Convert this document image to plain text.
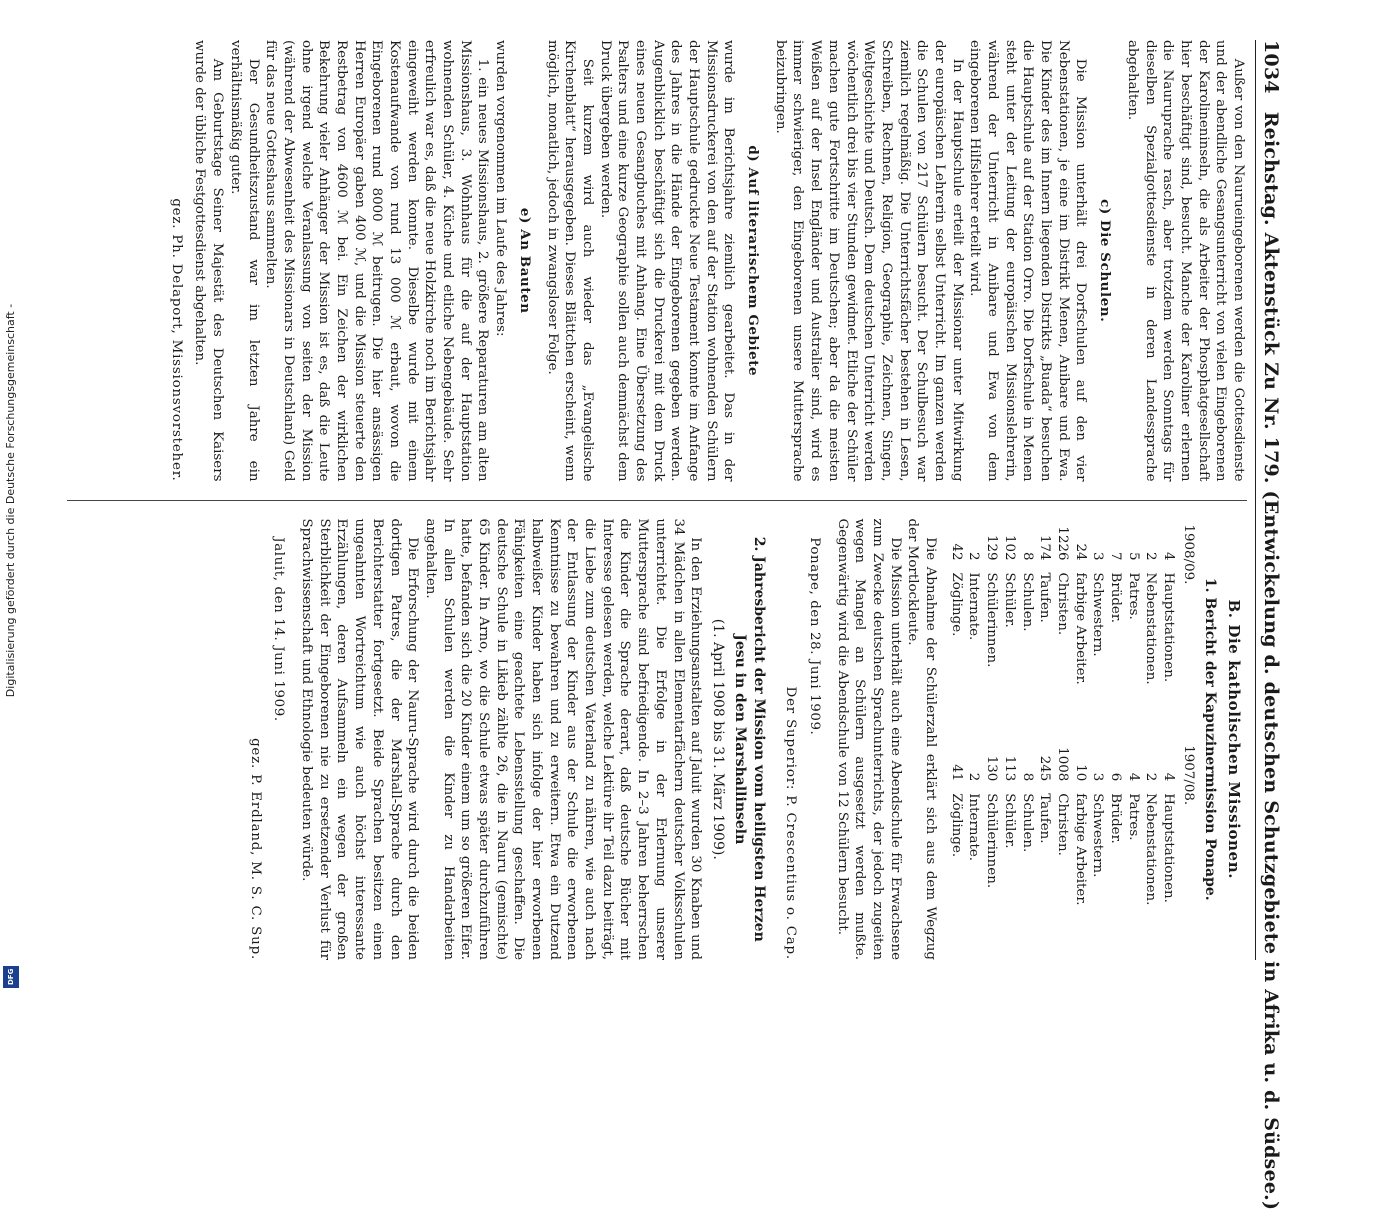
1034
Reichstag. Aktenstück Zu Nr. 179. (Entwickelung d. deutschen Schutzgebiete in Afrika u. d. Südsee.)

Außer von den Naurueingeborenen werden die Gottesdienste und der abendliche Gesangsunterricht von vielen Eingeborenen der Karolineninseln, die als Arbeiter der Phosphatgesellschaft hier beschäftigt sind, besucht. Manche der Karoliner erlernen die Nauruprache rasch, aber trotzdem werden Sonntags für dieselben Spezialgottesdienste in deren Landessprache abgehalten.

c) Die Schulen.

Die Mission unterhält drei Dorfschulen auf den vier Nebenstationen, je eine im Distrikt Menen, Anibare und Ewa. Die Kinder des im Innern liegenden Distrikts „Buada“ besuchen die Hauptschule auf der Station Orro. Die Dorfschule in Menen steht unter der Leitung der europäischen Missionslehrerin, während der Unterricht in Anibare und Ewa von dem eingeborenen Hilfslehrer erteilt wird.

In der Hauptschule erteilt der Missionar unter Mitwirkung der europäischen Lehrerin selbst Unterricht. Im ganzen werden die Schulen von 217 Schülern besucht. Der Schulbesuch war ziemlich regelmäßig. Die Unterrichtsfächer bestehen in Lesen, Schreiben, Rechnen, Religion, Geographie, Zeichnen, Singen, Weltgeschichte und Deutsch. Dem deutschen Unterricht werden wöchentlich drei bis vier Stunden gewidmet. Etliche der Schüler machen gute Fortschritte im Deutschen; aber da die meisten Weißen auf der Insel Engländer und Australier sind, wird es immer schwieriger, den Eingeborenen unsere Muttersprache beizubringen.

d) Auf literarischem Gebiete

wurde im Berichtsjahre ziemlich gearbeitet. Das in der Missionsdruckerei von den auf der Station wohnenden Schülern der Hauptschule gedruckte Neue Testament konnte im Anfange des Jahres in die Hände der Eingeborenen gegeben werden. Augenblicklich beschäftigt sich die Druckerei mit dem Druck eines neuen Gesangbuches mit Anhang. Eine Übersetzung des Psalters und eine kurze Geographie sollen auch demnächst dem Druck übergeben werden.

Seit kurzem wird auch wieder das „Evangelische Kirchenblatt“ herausgegeben. Dieses Blättchen erscheint, wenn möglich, monatlich, jedoch in zwangsloser Folge.

e) An Bauten

wurden vorgenommen im Laufe des Jahres:

1. ein neues Missionshaus, 2. größere Reparaturen am alten Missionshaus, 3. Wohnhaus für die auf der Hauptstation wohnenden Schüler, 4. Küche und etliche Nebengebäude. Sehr erfreulich war es, daß die neue Holzkirche noch im Berichtsjahr eingeweiht werden konnte. Dieselbe wurde mit einem Kostenaufwande von rund 13 000 ℳ erbaut, wovon die Eingeborenen rund 8000 ℳ beitrugen. Die hier ansässigen Herren Europäer gaben 400 ℳ, und die Mission steuerte den Restbetrag von 4600 ℳ bei. Ein Zeichen der wirklichen Bekehrung vieler Anhänger der Mission ist es, daß die Leute ohne irgend welche Veranlassung von seiten der Mission (während der Abwesenheit des Missionars in Deutschland) Geld für das neue Gotteshaus sammelten.

Der Gesundheitszustand war im letzten Jahre ein verhältnismäßig guter.

Am Geburtstage Seiner Majestät des Deutschen Kaisers wurde der übliche Festgottesdienst abgehalten.

gez. Ph. Delaport, Missionsvorsteher.
B. Die katholischen Missionen.
1. Bericht der Kapuzinermission Ponape.
1908/09.		1907/08.	
4	Hauptstationen.	4	Hauptstationen.
2	Nebenstationen.	2	Nebenstationen.
5	Patres.	4	Patres.
7	Brüder.	6	Brüder.
3	Schwestern.	3	Schwestern.
24	farbige Arbeiter.	10	farbige Arbeiter.
1226	Christen.	1008	Christen.
174	Taufen.	245	Taufen.
8	Schulen.	8	Schulen.
102	Schüler.	113	Schüler.
129	Schülerinnen.	130	Schülerinnen.
2	Internate.	2	Internate.
42	Zöglinge.	41	Zöglinge.

Die Abnahme der Schülerzahl erklärt sich aus dem Wegzug der Mortlockleute.

Die Mission unterhält auch eine Abendschule für Erwachsene zum Zwecke deutschen Sprachunterrichts, der jedoch zugeiten wegen Mangel an Schülern ausgesetzt werden mußte. Gegenwärtig wird die Abendschule von 12 Schülern besucht.

Ponape, den 28. Juni 1909.
Der Superior: P. Crescentius o. Cap.
2. Jahresbericht der Mission vom heiligsten Herzen Jesu in den Marshallinseln
(1. April 1908 bis 31. März 1909).

In den Erziehungsanstalten auf Jaluit wurden 30 Knaben und 34 Mädchen in allen Elementarfächern deutscher Volksschulen unterrichtet. Die Erfolge in der Erlernung unserer Muttersprache sind befriedigende. In 2–3 Jahren beherrschen die Kinder die Sprache derart, daß deutsche Bücher mit Interesse gelesen werden, welche Lektüre ihr Teil dazu beiträgt, die Liebe zum deutschen Vaterland zu nähren, wie auch nach der Entlassung der Kinder aus der Schule die erworbenen Kenntnisse zu bewahren und zu erweitern. Etwa ein Dutzend halbweißer Kinder haben sich infolge der hier erworbenen Fähigkeiten eine geachtete Lebensstellung geschaffen. Die deutsche Schule in Likieb zählte 26, die in Nauru (gemischte) 65 Kinder. In Arno, wo die Schule etwas später durchzuführen hatte, befanden sich die 20 Kinder einem um so größeren Eifer. In allen Schulen werden die Kinder zu Handarbeiten angehalten.

Die Erforschung der Nauru-Sprache wird durch die beiden dortigen Patres, die der Marshall-Sprache durch den Berichterstatter fortgesetzt. Beide Sprachen besitzen einen ungeahnten Wortreichtum wie auch höchst interessante Erzählungen, deren Aufsammeln ein wegen der großen Sterblichkeit der Eingeborenen nie zu ersetzender Verlust für Sprachwissenschaft und Ethnologie bedeuten würde.

Jaluit, den 14. Juni 1909.
gez. P. Erdland, M. S. C. Sup.
Digitalisierung gefördert durch die Deutsche Forschungsgemeinschaft -
DFG
